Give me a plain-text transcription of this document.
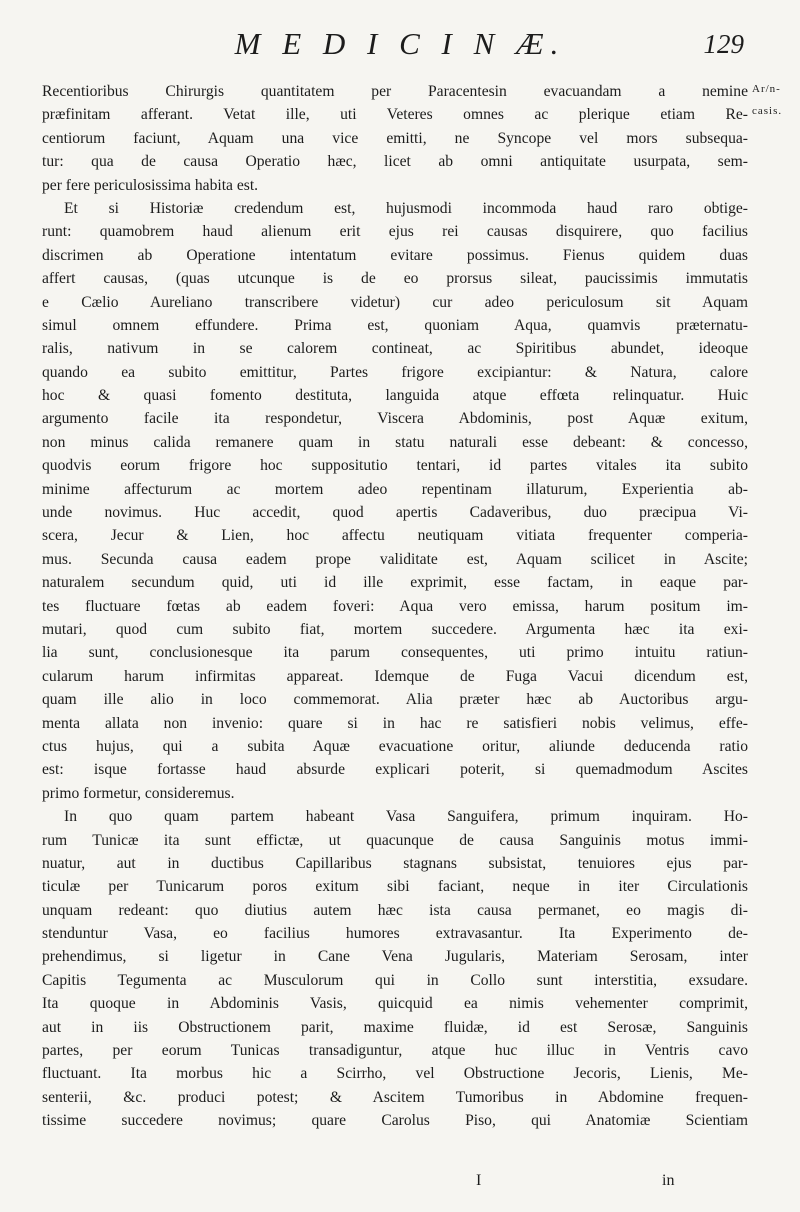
M E D I C I N Æ.	129
Ar/n-
casis.
Recentioribus Chirurgis quantitatem per Paracentesin evacuandam a nemine
præfinitam afferant. Vetat ille, uti Veteres omnes ac plerique etiam Re-
centiorum faciunt, Aquam una vice emitti, ne Syncope vel mors subsequa-
tur: qua de causa Operatio hæc, licet ab omni antiquitate usurpata, sem-
per fere periculosissima habita est.
Et si Historiæ credendum est, hujusmodi incommoda haud raro obtige-
runt: quamobrem haud alienum erit ejus rei causas disquirere, quo facilius
discrimen ab Operatione intentatum evitare possimus. Fienus quidem duas
affert causas, (quas utcunque is de eo prorsus sileat, paucissimis immutatis
e Cælio Aureliano transcribere videtur) cur adeo periculosum sit Aquam
simul omnem effundere. Prima est, quoniam Aqua, quamvis præternatu-
ralis, nativum in se calorem contineat, ac Spiritibus abundet, ideoque
quando ea subito emittitur, Partes frigore excipiantur: & Natura, calore
hoc & quasi fomento destituta, languida atque effœta relinquatur. Huic
argumento facile ita respondetur, Viscera Abdominis, post Aquæ exitum,
non minus calida remanere quam in statu naturali esse debeant: & concesso,
quodvis eorum frigore hoc suppositutio tentari, id partes vitales ita subito
minime affecturum ac mortem adeo repentinam illaturum, Experientia ab-
unde novimus. Huc accedit, quod apertis Cadaveribus, duo præcipua Vi-
scera, Jecur & Lien, hoc affectu neutiquam vitiata frequenter comperia-
mus. Secunda causa eadem prope validitate est, Aquam scilicet in Ascite;
naturalem secundum quid, uti id ille exprimit, esse factam, in eaque par-
tes fluctuare fœtas ab eadem foveri: Aqua vero emissa, harum positum im-
mutari, quod cum subito fiat, mortem succedere. Argumenta hæc ita exi-
lia sunt, conclusionesque ita parum consequentes, uti primo intuitu ratiun-
cularum harum infirmitas appareat. Idemque de Fuga Vacui dicendum est,
quam ille alio in loco commemorat. Alia præter hæc ab Auctoribus argu-
menta allata non invenio: quare si in hac re satisfieri nobis velimus, effe-
ctus hujus, qui a subita Aquæ evacuatione oritur, aliunde deducenda ratio
est: isque fortasse haud absurde explicari poterit, si quemadmodum Ascites
primo formetur, consideremus.
In quo quam partem habeant Vasa Sanguifera, primum inquiram. Ho-
rum Tunicæ ita sunt effictæ, ut quacunque de causa Sanguinis motus immi-
nuatur, aut in ductibus Capillaribus stagnans subsistat, tenuiores ejus par-
ticulæ per Tunicarum poros exitum sibi faciant, neque in iter Circulationis
unquam redeant: quo diutius autem hæc ista causa permanet, eo magis di-
stenduntur Vasa, eo facilius humores extravasantur. Ita Experimento de-
prehendimus, si ligetur in Cane Vena Jugularis, Materiam Serosam, inter
Capitis Tegumenta ac Musculorum qui in Collo sunt interstitia, exsudare.
Ita quoque in Abdominis Vasis, quicquid ea nimis vehementer comprimit,
aut in iis Obstructionem parit, maxime fluidæ, id est Serosæ, Sanguinis
partes, per eorum Tunicas transadiguntur, atque huc illuc in Ventris cavo
fluctuant. Ita morbus hic a Scirrho, vel Obstructione Jecoris, Lienis, Me-
senterii, &c. produci potest; & Ascitem Tumoribus in Abdomine frequen-
tissime succedere novimus; quare Carolus Piso, qui Anatomiæ Scientiam
I	in
